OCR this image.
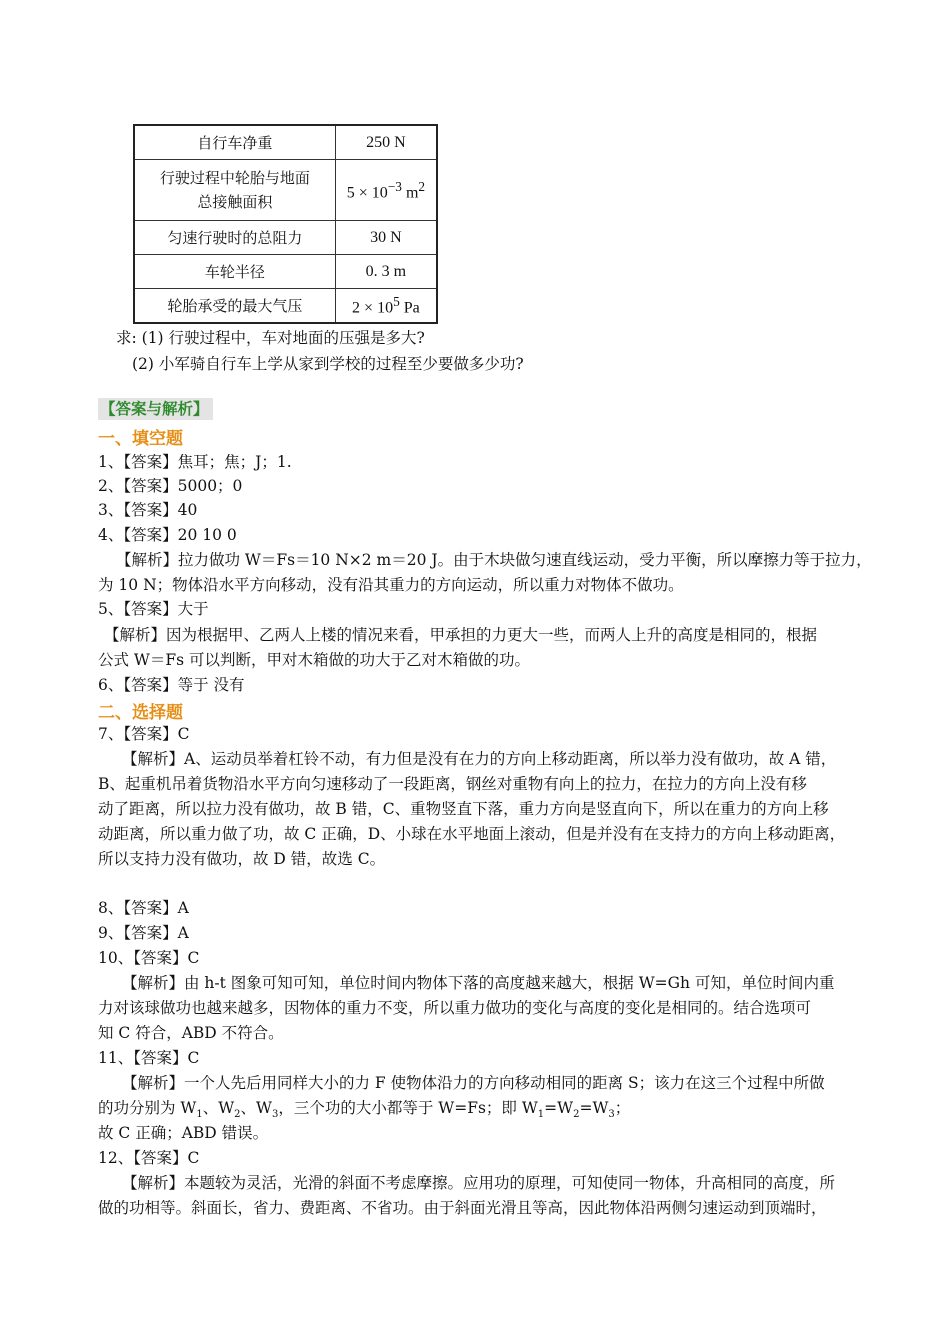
自行车净重	250 N
行驶过程中轮胎与地面
总接触面积	$5 \times 10^{-3}$ $m^2$
匀速行驶时的总阻力	30 N
车轮半径	0. 3 m
轮胎承受的最大气压	$2 \times 10^5$ Pa
求: (1) 行驶过程中，车对地面的压强是多大?
(2) 小军骑自行车上学从家到学校的过程至少要做多少功?
【答案与解析】
一、填空题
1、【答案】焦耳；焦；J；1.
2、【答案】5000；0
3、【答案】40
4、【答案】20 10 0
【解析】拉力做功 W＝Fs＝10 N×2 m＝20 J。由于木块做匀速直线运动，受力平衡，所以摩擦力等于拉力，
为 10 N；物体沿水平方向移动，没有沿其重力的方向运动，所以重力对物体不做功。
5、【答案】大于
【解析】因为根据甲、乙两人上楼的情况来看，甲承担的力更大一些，而两人上升的高度是相同的，根据
公式 W＝Fs 可以判断，甲对木箱做的功大于乙对木箱做的功。
6、【答案】等于 没有
二、选择题
7、【答案】C
【解析】A、运动员举着杠铃不动，有力但是没有在力的方向上移动距离，所以举力没有做功，故 A 错，
B、起重机吊着货物沿水平方向匀速移动了一段距离，钢丝对重物有向上的拉力，在拉力的方向上没有移
动了距离，所以拉力没有做功，故 B 错，C、重物竖直下落，重力方向是竖直向下，所以在重力的方向上移
动距离，所以重力做了功，故 C 正确，D、小球在水平地面上滚动，但是并没有在支持力的方向上移动距离，
所以支持力没有做功，故 D 错，故选 C。
8、【答案】A
9、【答案】A
10、【答案】C
【解析】由 h-t 图象可知可知，单位时间内物体下落的高度越来越大，根据 W=Gh 可知，单位时间内重
力对该球做功也越来越多，因物体的重力不变，所以重力做功的变化与高度的变化是相同的。结合选项可
知 C 符合，ABD 不符合。
11、【答案】C
【解析】一个人先后用同样大小的力 F 使物体沿力的方向移动相同的距离 S；该力在这三个过程中所做
的功分别为 $W_1$、$W_2$、$W_3$，三个功的大小都等于 W=Fs；即 $W_1=W_2=W_3$；
故 C 正确；ABD 错误。
12、【答案】C
【解析】本题较为灵活，光滑的斜面不考虑摩擦。应用功的原理，可知使同一物体，升高相同的高度，所
做的功相等。斜面长，省力、费距离、不省功。由于斜面光滑且等高，因此物体沿两侧匀速运动到顶端时，
